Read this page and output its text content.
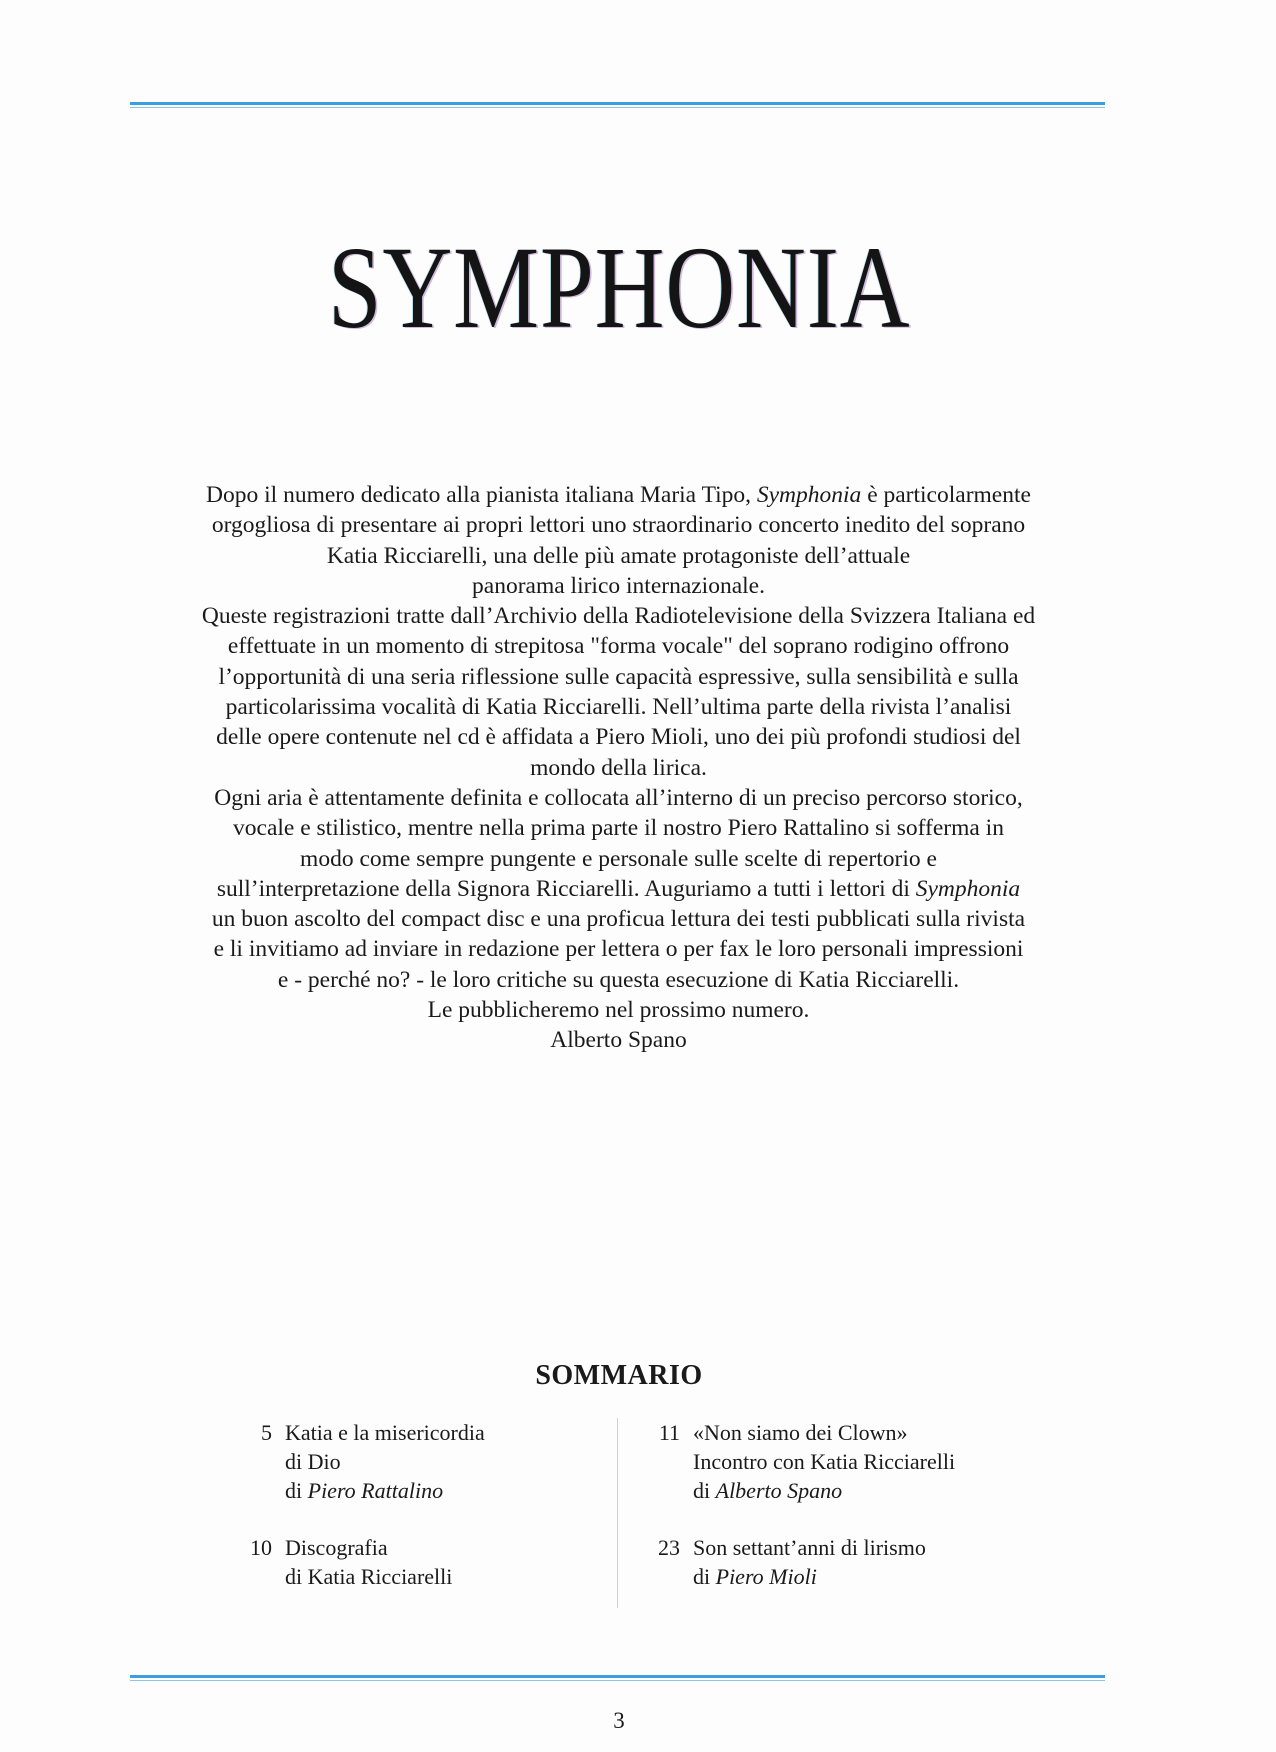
SYMPHONIA
Dopo il numero dedicato alla pianista italiana Maria Tipo, Symphonia è particolarmente
orgogliosa di presentare ai propri lettori uno straordinario concerto inedito del soprano
Katia Ricciarelli, una delle più amate protagoniste dell’attuale
panorama lirico internazionale.
Queste registrazioni tratte dall’Archivio della Radiotelevisione della Svizzera Italiana ed
effettuate in un momento di strepitosa "forma vocale" del soprano rodigino offrono
l’opportunità di una seria riflessione sulle capacità espressive, sulla sensibilità e sulla
particolarissima vocalità di Katia Ricciarelli. Nell’ultima parte della rivista l’analisi
delle opere contenute nel cd è affidata a Piero Mioli, uno dei più profondi studiosi del
mondo della lirica.
Ogni aria è attentamente definita e collocata all’interno di un preciso percorso storico,
vocale e stilistico, mentre nella prima parte il nostro Piero Rattalino si sofferma in
modo come sempre pungente e personale sulle scelte di repertorio e
sull’interpretazione della Signora Ricciarelli. Auguriamo a tutti i lettori di Symphonia
un buon ascolto del compact disc e una proficua lettura dei testi pubblicati sulla rivista
e li invitiamo ad inviare in redazione per lettera o per fax le loro personali impressioni
e - perché no? - le loro critiche su questa esecuzione di Katia Ricciarelli.
Le pubblicheremo nel prossimo numero.
Alberto Spano
SOMMARIO
5 Katia e la misericordia
di Dio
di Piero Rattalino
10 Discografia
di Katia Ricciarelli
11 «Non siamo dei Clown»
Incontro con Katia Ricciarelli
di Alberto Spano
23 Son settant’anni di lirismo
di Piero Mioli
3
